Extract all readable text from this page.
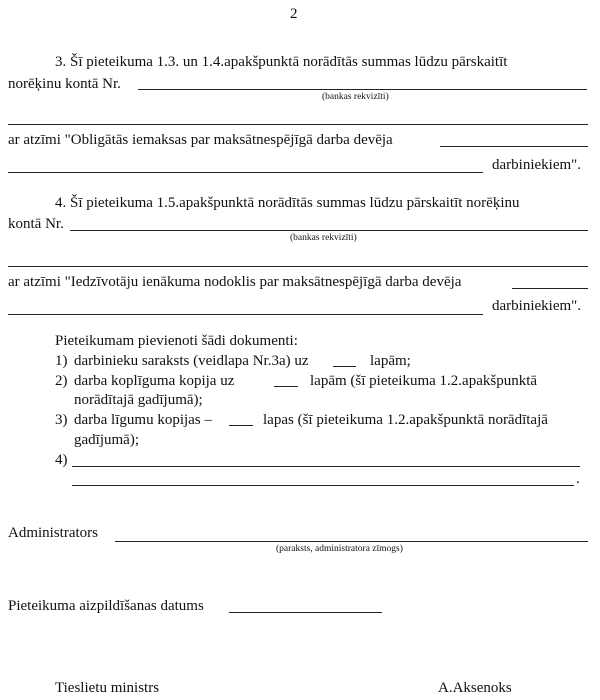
2
3. Šī pieteikuma 1.3. un 1.4.apakšpunktā norādītās summas lūdzu pārskaitīt
norēķinu kontā Nr.
(bankas rekvizīti)
ar atzīmi "Obligātās iemaksas par maksātnespējīgā darba devēja
darbiniekiem".
4. Šī pieteikuma 1.5.apakšpunktā norādītās summas lūdzu pārskaitīt norēķinu
kontā Nr.
(bankas rekvizīti)
ar atzīmi "Iedzīvotāju ienākuma nodoklis par maksātnespējīgā darba devēja
darbiniekiem".
Pieteikumam pievienoti šādi dokumenti:
1) darbinieku saraksts (veidlapa Nr.3a) uz	lapām;
2) darba koplīguma kopija uz	lapām (šī pieteikuma 1.2.apakšpunktā
norādītajā gadījumā);
3) darba līgumu kopijas –	lapas (šī pieteikuma 1.2.apakšpunktā norādītajā
gadījumā);
4)
.
Administrators
(paraksts, administratora zīmogs)
Pieteikuma aizpildīšanas datums
Tieslietu ministrs	A.Aksenoks
